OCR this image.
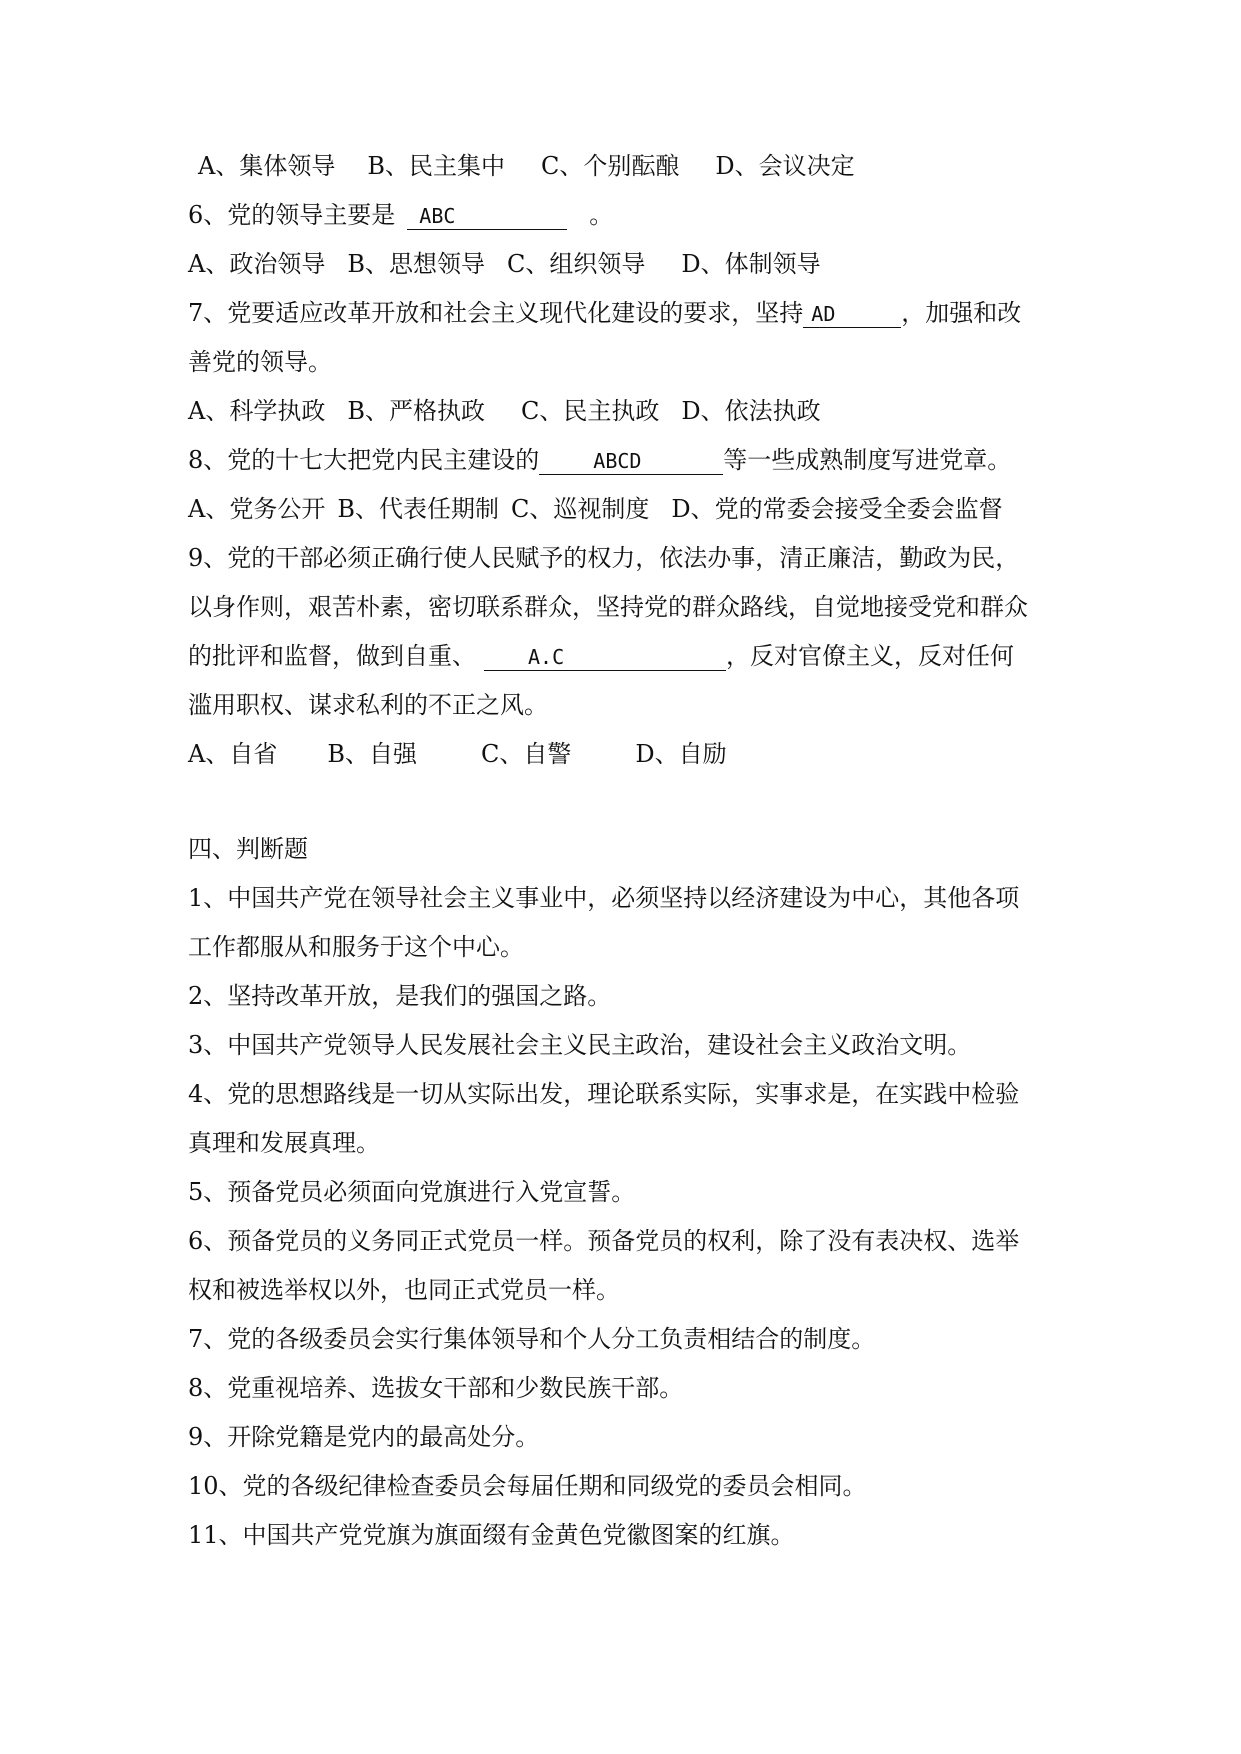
A、集体领导 B、民主集中 C、个别酝酿 D、会议决定

6、党的领导主要是 ABC	。

A、政治领导 B、思想领导 C、组织领导 D、体制领导

7、党要适应改革开放和社会主义现代化建设的要求，坚持 AD	，加强和改

善党的领导。

A、科学执政 B、严格执政 C、民主执政 D、依法执政

8、党的十七大把党内民主建设的	ABCD	等一些成熟制度写进党章。

A、党务公开 B、代表任期制 C、巡视制度 D、党的常委会接受全委会监督

9、党的干部必须正确行使人民赋予的权力，依法办事，清正廉洁，勤政为民，

以身作则，艰苦朴素，密切联系群众，坚持党的群众路线，自觉地接受党和群众

的批评和监督，做到自重、	A.C	，反对官僚主义，反对任何

滥用职权、谋求私利的不正之风。

A、自省 B、自强	C、自警	D、自励

四、判断题

1、中国共产党在领导社会主义事业中，必须坚持以经济建设为中心，其他各项

工作都服从和服务于这个中心。

2、坚持改革开放，是我们的强国之路。

3、中国共产党领导人民发展社会主义民主政治，建设社会主义政治文明。

4、党的思想路线是一切从实际出发，理论联系实际，实事求是，在实践中检验

真理和发展真理。

5、预备党员必须面向党旗进行入党宣誓。

6、预备党员的义务同正式党员一样。预备党员的权利，除了没有表决权、选举

权和被选举权以外，也同正式党员一样。

7、党的各级委员会实行集体领导和个人分工负责相结合的制度。

8、党重视培养、选拔女干部和少数民族干部。

9、开除党籍是党内的最高处分。

10、党的各级纪律检查委员会每届任期和同级党的委员会相同。

11、中国共产党党旗为旗面缀有金黄色党徽图案的红旗。
